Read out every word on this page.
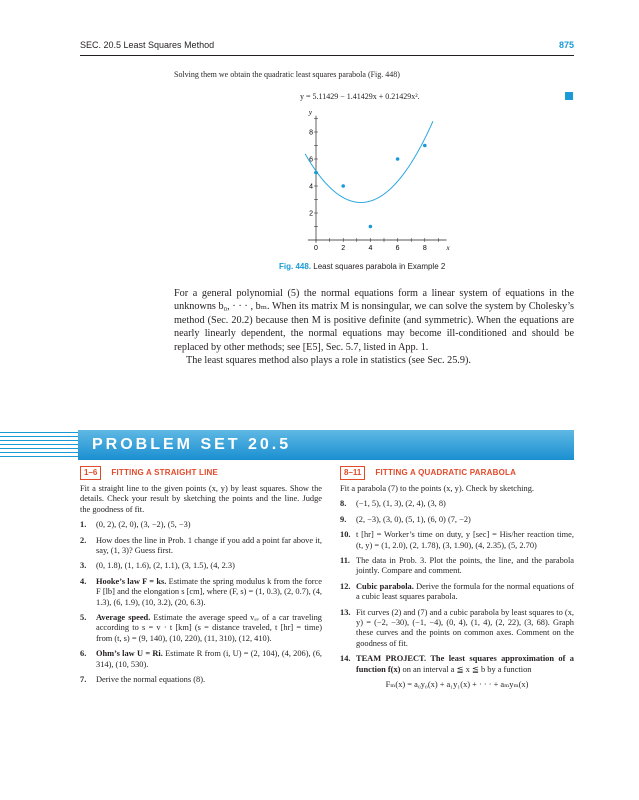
SEC. 20.5 Least Squares Method	875
Solving them we obtain the quadratic least squares parabola (Fig. 448)
y = 5.11429 − 1.41429x + 0.21429x².
0	2	4	6	8
8
6
4
2
x
y
Fig. 448. Least squares parabola in Example 2

For a general polynomial (5) the normal equations form a linear system of equations in the unknowns b₀, · · · , bₘ. When its matrix M is nonsingular, we can solve the system by Cholesky’s method (Sec. 20.2) because then M is positive definite (and symmetric). When the equations are nearly linearly dependent, the normal equations may become ill-conditioned and should be replaced by other methods; see [E5], Sec. 5.7, listed in App. 1.

The least squares method also plays a role in statistics (see Sec. 25.9).

PROBLEM SET 20.5
1–6	FITTING A STRAIGHT LINE

Fit a straight line to the given points (x, y) by least squares. Show the details. Check your result by sketching the points and the line. Judge the goodness of fit.

1.	(0, 2), (2, 0), (3, −2), (5, −3)
2.	How does the line in Prob. 1 change if you add a point far above it, say, (1, 3)? Guess first.
3.	(0, 1.8), (1, 1.6), (2, 1.1), (3, 1.5), (4, 2.3)
4.	Hooke’s law F = ks. Estimate the spring modulus k from the force F [lb] and the elongation s [cm], where (F, s) = (1, 0.3), (2, 0.7), (4, 1.3), (6, 1.9), (10, 3.2), (20, 6.3).
5.	Average speed. Estimate the average speed vₐᵥ of a car traveling according to s = v · t [km] (s = distance traveled, t [hr] = time) from (t, s) = (9, 140), (10, 220), (11, 310), (12, 410).
6.	Ohm’s law U = Ri. Estimate R from (i, U) = (2, 104), (4, 206), (6, 314), (10, 530).
7.	Derive the normal equations (8).
8–11	FITTING A QUADRATIC PARABOLA

Fit a parabola (7) to the points (x, y). Check by sketching.

8.	(−1, 5), (1, 3), (2, 4), (3, 8)
9.	(2, −3), (3, 0), (5, 1), (6, 0) (7, −2)
10. t [hr] = Worker’s time on duty, y [sec] = His/her reaction time, (t, y) = (1, 2.0), (2, 1.78), (3, 1.90), (4, 2.35), (5, 2.70)
11. The data in Prob. 3. Plot the points, the line, and the parabola jointly. Compare and comment.
12. Cubic parabola. Derive the formula for the normal equations of a cubic least squares parabola.
13. Fit curves (2) and (7) and a cubic parabola by least squares to (x, y) = (−2, −30), (−1, −4), (0, 4), (1, 4), (2, 22), (3, 68). Graph these curves and the points on common axes. Comment on the goodness of fit.
14. TEAM PROJECT. The least squares approximation of a function f(x) on an interval a ≦ x ≦ b by a function

Fₘ(x) = a₀y₀(x) + a₁y₁(x) + · · · + aₘyₘ(x)
